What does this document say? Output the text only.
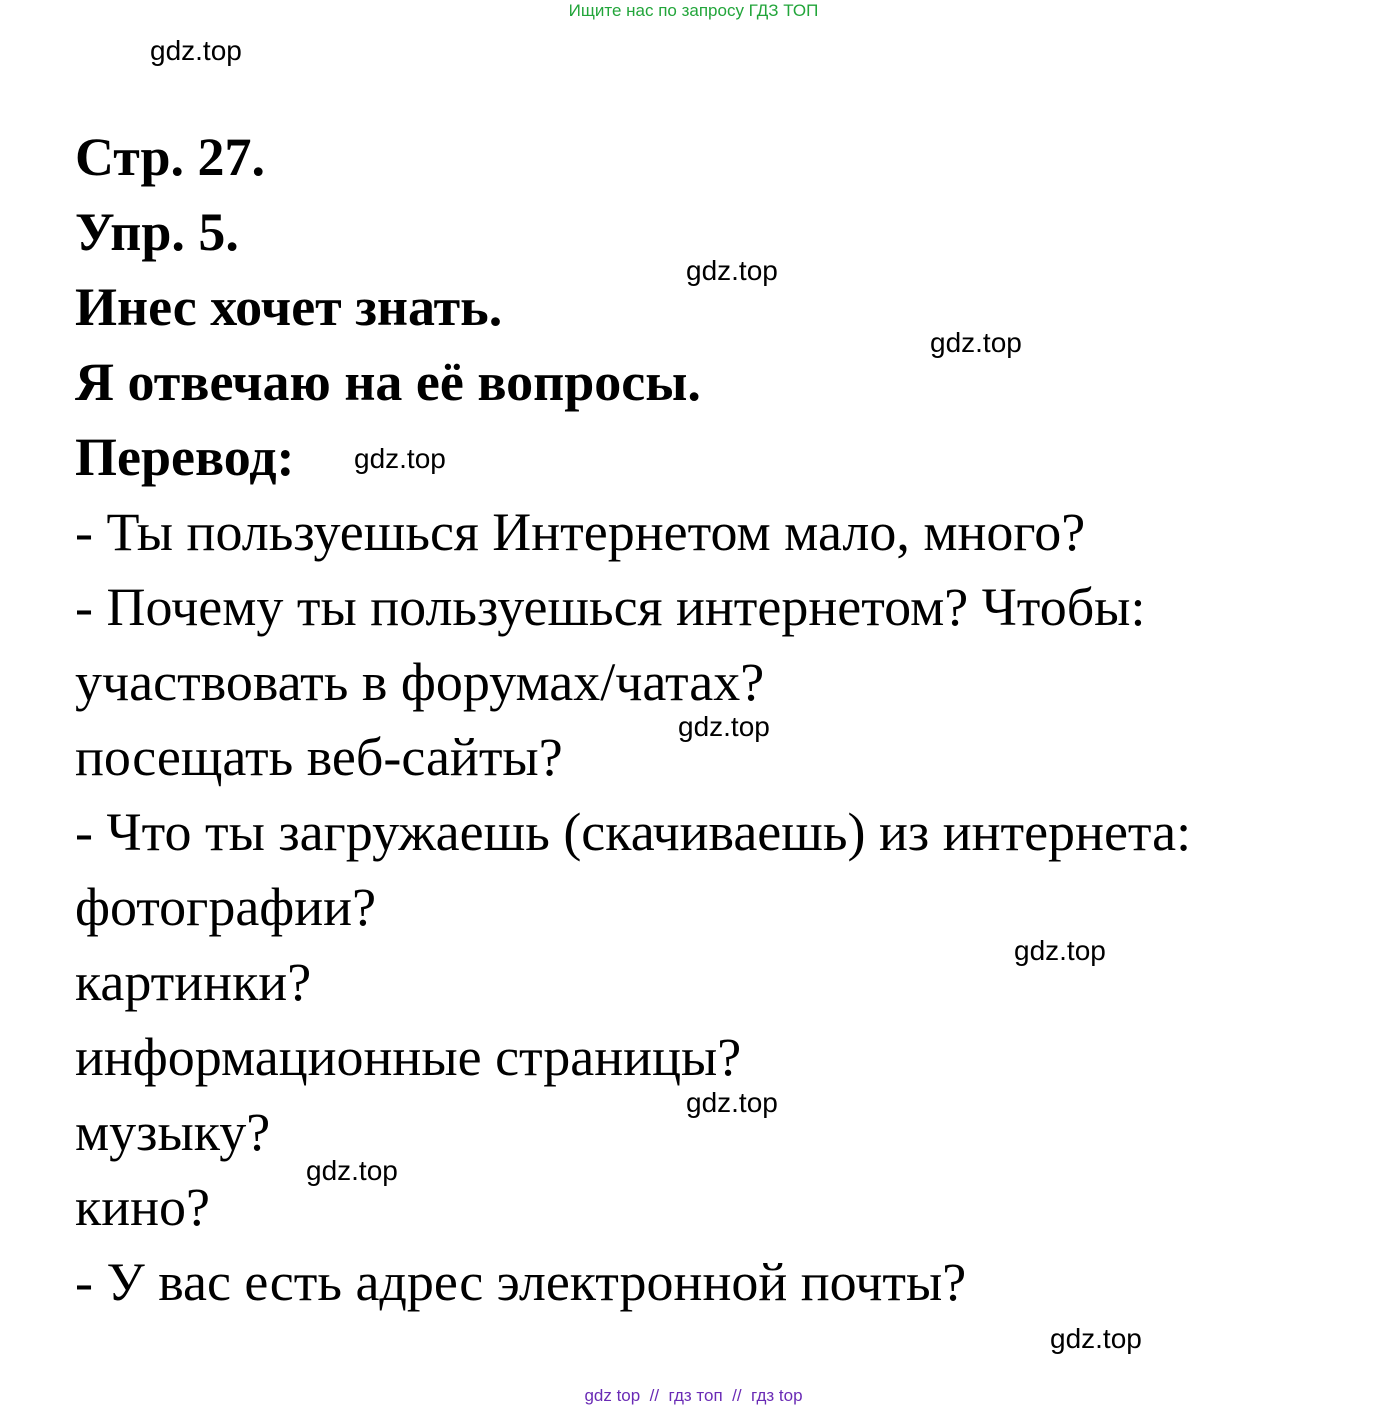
Ищите нас по запросу ГДЗ ТОП
gdz.top
gdz.top
gdz.top
gdz.top
gdz.top
gdz.top
gdz.top
gdz.top
gdz.top
Стр. 27.
Упр. 5.
Инес хочет знать.
Я отвечаю на её вопросы.
Перевод:
- Ты пользуешься Интернетом мало, много?
- Почему ты пользуешься интернетом? Чтобы:
участвовать в форумах/чатах?
посещать веб-сайты?
- Что ты загружаешь (скачиваешь) из интернета:
фотографии?
картинки?
информационные страницы?
музыку?
кино?
- У вас есть адрес электронной почты?
gdz top  //  гдз топ  //  гдз top
